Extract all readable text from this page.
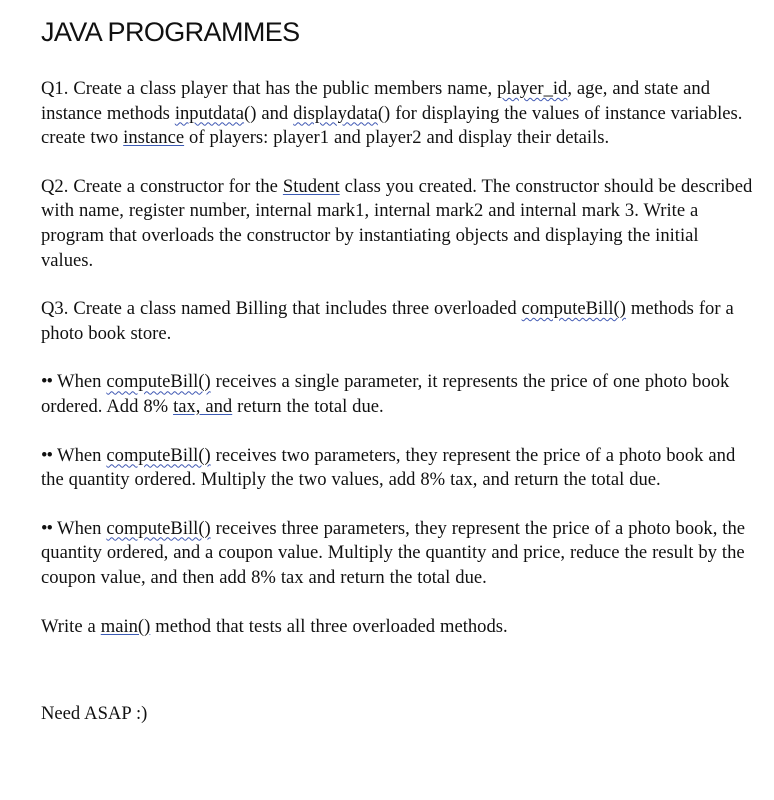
JAVA PROGRAMMES

Q1. Create a class player that has the public members name, player_id, age, and state and instance methods inputdata() and displaydata() for displaying the values of instance variables. create two instance of players: player1 and player2 and display their details.

Q2. Create a constructor for the Student class you created. The constructor should be described with name, register number, internal mark1, internal mark2 and internal mark 3. Write a program that overloads the constructor by instantiating objects and displaying the initial values.

Q3. Create a class named Billing that includes three overloaded computeBill() methods for a photo book store.

•• When computeBill() receives a single parameter, it represents the price of one photo book ordered. Add 8% tax, and return the total due.

•• When computeBill() receives two parameters, they represent the price of a photo book and the quantity ordered. Multiply the two values, add 8% tax, and return the total due.

•• When computeBill() receives three parameters, they represent the price of a photo book, the quantity ordered, and a coupon value. Multiply the quantity and price, reduce the result by the coupon value, and then add 8% tax and return the total due.

Write a main() method that tests all three overloaded methods.

Need ASAP :)
